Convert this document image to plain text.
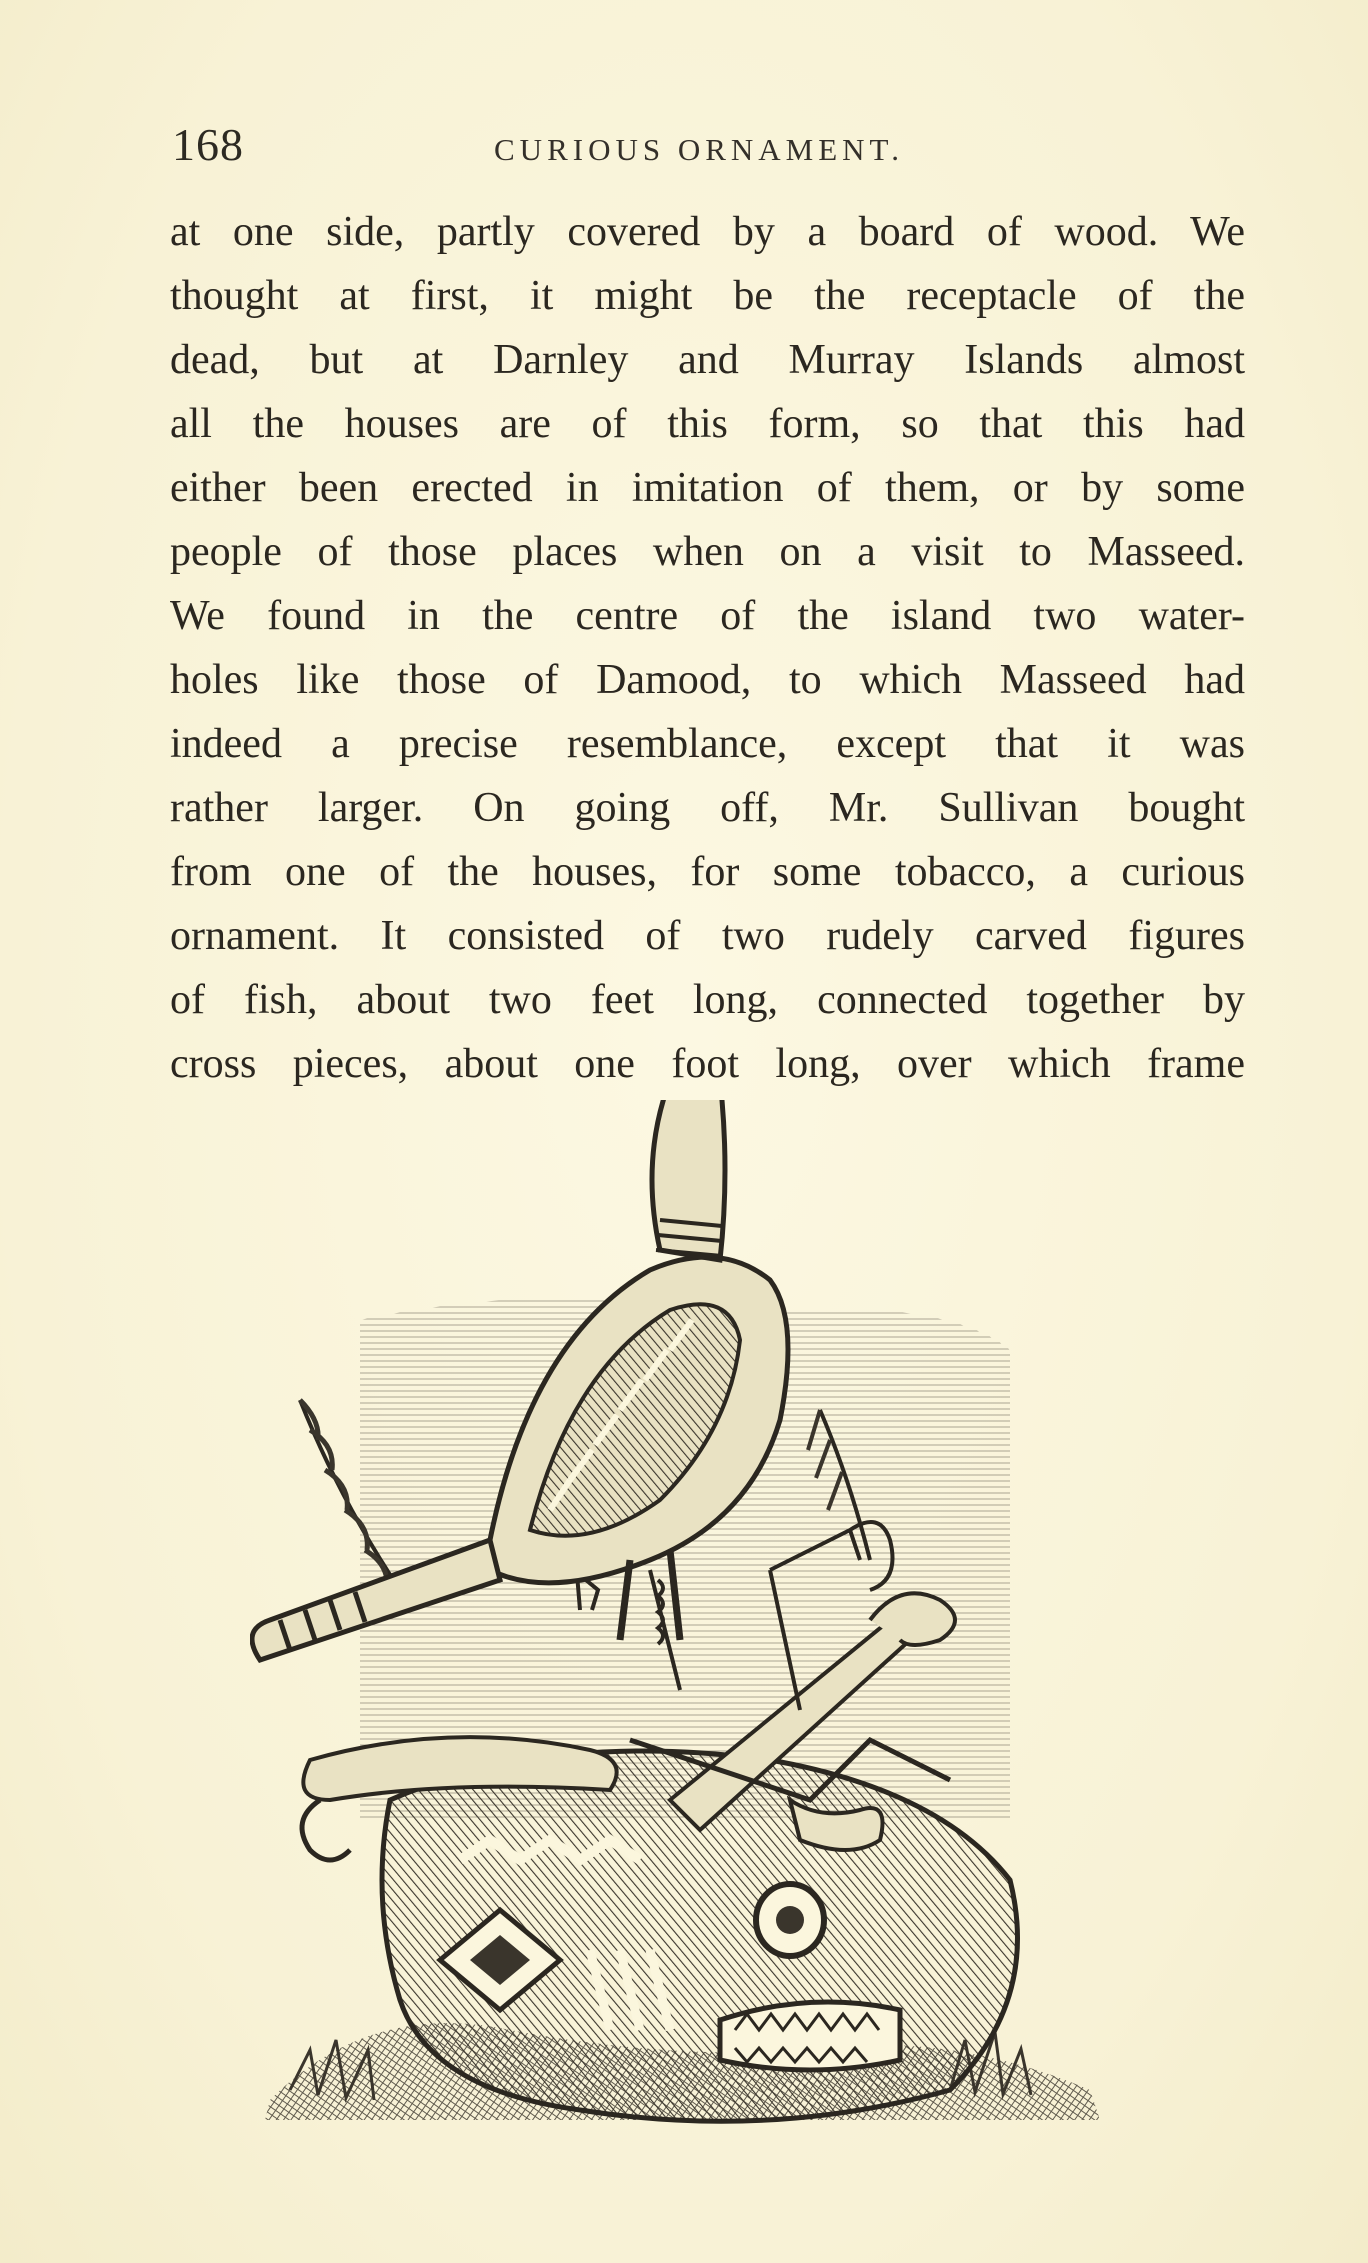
168	CURIOUS ORNAMENT.
at one side, partly covered by a board of wood. We
thought at first, it might be the receptacle of the
dead, but at Darnley and Murray Islands almost
all the houses are of this form, so that this had
either been erected in imitation of them, or by some
people of those places when on a visit to Masseed.
We found in the centre of the island two water-
holes like those of Damood, to which Masseed had
indeed a precise resemblance, except that it was
rather larger. On going off, Mr. Sullivan bought
from one of the houses, for some tobacco, a curious
ornament. It consisted of two rudely carved figures
of fish, about two feet long, connected together by
cross pieces, about one foot long, over which frame
